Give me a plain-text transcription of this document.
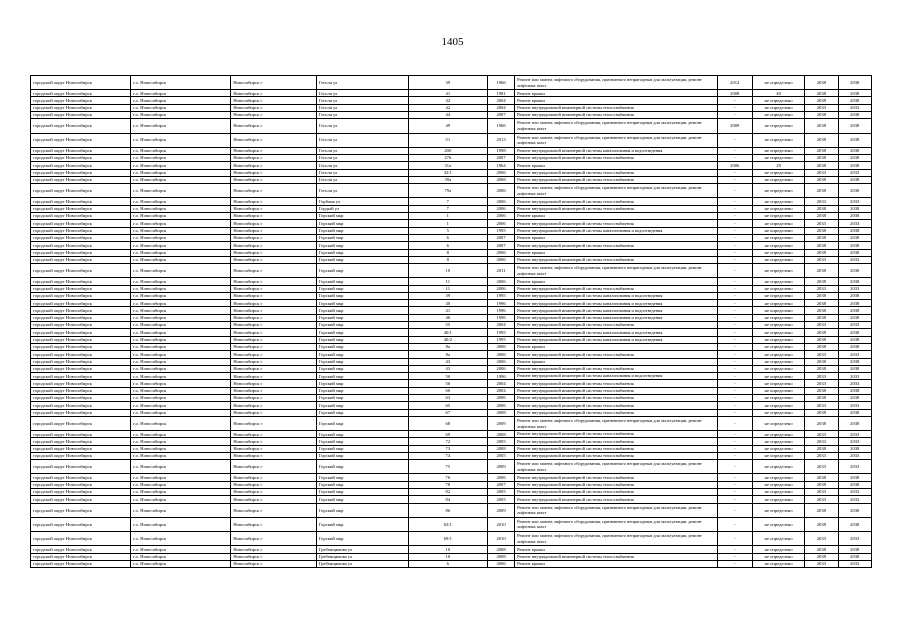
1405
городской округ Новосибирск	г.о. Новосибирск	Новосибирск г	Гоголя ул	39	1966	Ремонт или замена лифтового оборудования, признанного непригодным для эксплуатации, ремонт лифтовых шахт	2012	не определено	2038	2038
городской округ Новосибирск	г.о. Новосибирск	Новосибирск г	Гоголя ул	41	1981	Ремонт крыши	2008	40	2038	2038
городской округ Новосибирск	г.о. Новосибирск	Новосибирск г	Гоголя ул	42	2004	Ремонт крыши	-	не определено	2038	2038
городской округ Новосибирск	г.о. Новосибирск	Новосибирск г	Гоголя ул	42	2004	Ремонт внутридомовой инженерной системы теплоснабжения	-	не определено	2033	2033
городской округ Новосибирск	г.о. Новосибирск	Новосибирск г	Гоголя ул	44	2007	Ремонт внутридомовой инженерной системы теплоснабжения	-	не определено	2038	2038
городской округ Новосибирск	г.о. Новосибирск	Новосибирск г	Гоголя ул	49	1966	Ремонт или замена лифтового оборудования, признанного непригодным для эксплуатации, ремонт лифтовых шахт	2009	не определено	2038	2038
городской округ Новосибирск	г.о. Новосибирск	Новосибирск г	Гоголя ул	51	2013	Ремонт или замена лифтового оборудования, признанного непригодным для эксплуатации, ремонт лифтовых шахт	-	не определено	2038	2038
городской округ Новосибирск	г.о. Новосибирск	Новосибирск г	Гоголя ул	200	1998	Ремонт внутридомовой инженерной системы канализования и водоотведения	-	не определено	2038	2038
городской округ Новосибирск	г.о. Новосибирск	Новосибирск г	Гоголя ул	276	2007	Ремонт внутридомовой инженерной системы теплоснабжения	-	не определено	2038	2038
городской округ Новосибирск	г.о. Новосибирск	Новосибирск г	Гоголя ул	31а	1964	Ремонт крыши	2006	29	2038	2038
городской округ Новосибирск	г.о. Новосибирск	Новосибирск г	Гоголя ул	32/1	2006	Ремонт внутридомовой инженерной системы теплоснабжения	-	не определено	2033	2033
городской округ Новосибирск	г.о. Новосибирск	Новосибирск г	Гоголя ул	39а	2008	Ремонт внутридомовой инженерной системы теплоснабжения	-	не определено	2038	2038
городской округ Новосибирск	г.о. Новосибирск	Новосибирск г	Гоголя ул	79а	2006	Ремонт или замена лифтового оборудования, признанного непригодным для эксплуатации, ремонт лифтовых шахт	-	не определено	2038	2038
городской округ Новосибирск	г.о. Новосибирск	Новосибирск г	Горбаня ул	7	2006	Ремонт внутридомовой инженерной системы теплоснабжения	-	не определено	2033	2033
городской округ Новосибирск	г.о. Новосибирск	Новосибирск г	Гордый ул	7	2006	Ремонт внутридомовой инженерной системы теплоснабжения	-	не определено	2038	2038
городской округ Новосибирск	г.о. Новосибирск	Новосибирск г	Горский мкр	1	2006	Ремонт крыши	-	не определено	2038	2038
городской округ Новосибирск	г.о. Новосибирск	Новосибирск г	Горский мкр	1	2006	Ремонт внутридомовой инженерной системы теплоснабжения	-	не определено	2033	2033
городской округ Новосибирск	г.о. Новосибирск	Новосибирск г	Горский мкр	5	1995	Ремонт внутридомовой инженерной системы канализования и водоотведения	-	не определено	2038	2038
городской округ Новосибирск	г.о. Новосибирск	Новосибирск г	Горский мкр	6	2007	Ремонт крыши	-	не определено	2038	2038
городской округ Новосибирск	г.о. Новосибирск	Новосибирск г	Горский мкр	6	2007	Ремонт внутридомовой инженерной системы теплоснабжения	-	не определено	2038	2038
городской округ Новосибирск	г.о. Новосибирск	Новосибирск г	Горский мкр	8	2006	Ремонт крыши	-	не определено	2038	2038
городской округ Новосибирск	г.о. Новосибирск	Новосибирск г	Горский мкр	8	2006	Ремонт внутридомовой инженерной системы теплоснабжения	-	не определено	2033	2033
городской округ Новосибирск	г.о. Новосибирск	Новосибирск г	Горский мкр	10	2011	Ремонт или замена лифтового оборудования, признанного непригодным для эксплуатации, ремонт лифтовых шахт	-	не определено	2038	2038
городской округ Новосибирск	г.о. Новосибирск	Новосибирск г	Горский мкр	11	2006	Ремонт крыши	-	не определено	2038	2038
городской округ Новосибирск	г.о. Новосибирск	Новосибирск г	Горский мкр	11	2006	Ремонт внутридомовой инженерной системы теплоснабжения	-	не определено	2033	2033
городской округ Новосибирск	г.о. Новосибирск	Новосибирск г	Горский мкр	39	1995	Ремонт внутридомовой инженерной системы канализования и водоотведения	-	не определено	2038	2038
городской округ Новосибирск	г.о. Новосибирск	Новосибирск г	Горский мкр	40	1996	Ремонт внутридомовой инженерной системы канализования и водоотведения	-	не определено	2038	2038
городской округ Новосибирск	г.о. Новосибирск	Новосибирск г	Горский мкр	41	1996	Ремонт внутридомовой инженерной системы канализования и водоотведения	-	не определено	2038	2038
городской округ Новосибирск	г.о. Новосибирск	Новосибирск г	Горский мкр	46	1996	Ремонт внутридомовой инженерной системы канализования и водоотведения	-	не определено	2038	2038
городской округ Новосибирск	г.о. Новосибирск	Новосибирск г	Горский мкр	55	2004	Ремонт внутридомовой инженерной системы теплоснабжения	-	не определено	2033	2033
городской округ Новосибирск	г.о. Новосибирск	Новосибирск г	Горский мкр	40/1	1995	Ремонт внутридомовой инженерной системы канализования и водоотведения	-	не определено	2038	2038
городской округ Новосибирск	г.о. Новосибирск	Новосибирск г	Горский мкр	40/2	1995	Ремонт внутридомовой инженерной системы канализования и водоотведения	-	не определено	2038	2038
городской округ Новосибирск	г.о. Новосибирск	Новосибирск г	Горский мкр	8а	2006	Ремонт крыши	-	не определено	2038	2038
городской округ Новосибирск	г.о. Новосибирск	Новосибирск г	Горский мкр	8а	2006	Ремонт внутридомовой инженерной системы теплоснабжения	-	не определено	2033	2033
городской округ Новосибирск	г.о. Новосибирск	Новосибирск г	Горский мкр	43	2006	Ремонт крыши	-	не определено	2038	2038
городской округ Новосибирск	г.о. Новосибирск	Новосибирск г	Горский мкр	43	2006	Ремонт внутридомовой инженерной системы теплоснабжения	-	не определено	2038	2038
городской округ Новосибирск	г.о. Новосибирск	Новосибирск г	Горский мкр	50	1996	Ремонт внутридомовой инженерной системы канализования и водоотведения	-	не определено	2033	2033
городской округ Новосибирск	г.о. Новосибирск	Новосибирск г	Горский мкр	56	2004	Ремонт внутридомовой инженерной системы теплоснабжения	-	не определено	2033	2033
городской округ Новосибирск	г.о. Новосибирск	Новосибирск г	Горский мкр	60	2004	Ремонт внутридомовой инженерной системы теплоснабжения	-	не определено	2038	2038
городской округ Новосибирск	г.о. Новосибирск	Новосибирск г	Горский мкр	63	2006	Ремонт внутридомовой инженерной системы теплоснабжения	-	не определено	2038	2038
городской округ Новосибирск	г.о. Новосибирск	Новосибирск г	Горский мкр	65	2006	Ремонт внутридомовой инженерной системы теплоснабжения	-	не определено	2033	2033
городской округ Новосибирск	г.о. Новосибирск	Новосибирск г	Горский мкр	67	2008	Ремонт внутридомовой инженерной системы теплоснабжения	-	не определено	2038	2038
городской округ Новосибирск	г.о. Новосибирск	Новосибирск г	Горский мкр	68	2009	Ремонт или замена лифтового оборудования, признанного непригодным для эксплуатации, ремонт лифтовых шахт	-	не определено	2038	2038
городской округ Новосибирск	г.о. Новосибирск	Новосибирск г	Горский мкр	69	2008	Ремонт внутридомовой инженерной системы теплоснабжения	-	не определено	2033	2033
городской округ Новосибирск	г.о. Новосибирск	Новосибирск г	Горский мкр	72	2005	Ремонт внутридомовой инженерной системы теплоснабжения	-	не определено	2033	2033
городской округ Новосибирск	г.о. Новосибирск	Новосибирск г	Горский мкр	73	2008	Ремонт внутридомовой инженерной системы теплоснабжения	-	не определено	2038	2038
городской округ Новосибирск	г.о. Новосибирск	Новосибирск г	Горский мкр	74	2005	Ремонт внутридомовой инженерной системы теплоснабжения	-	не определено	2033	2033
городской округ Новосибирск	г.о. Новосибирск	Новосибирск г	Горский мкр	75	2009	Ремонт или замена лифтового оборудования, признанного непригодным для эксплуатации, ремонт лифтовых шахт	-	не определено	2033	2033
городской округ Новосибирск	г.о. Новосибирск	Новосибирск г	Горский мкр	76	2006	Ремонт внутридомовой инженерной системы теплоснабжения	-	не определено	2038	2038
городской округ Новосибирск	г.о. Новосибирск	Новосибирск г	Горский мкр	78	2007	Ремонт внутридомовой инженерной системы теплоснабжения	-	не определено	2038	2038
городской округ Новосибирск	г.о. Новосибирск	Новосибирск г	Горский мкр	82	2005	Ремонт внутридомовой инженерной системы теплоснабжения	-	не определено	2033	2033
городской округ Новосибирск	г.о. Новосибирск	Новосибирск г	Горский мкр	84	2005	Ремонт внутридомовой инженерной системы теплоснабжения	-	не определено	2033	2033
городской округ Новосибирск	г.о. Новосибирск	Новосибирск г	Горский мкр	86	2009	Ремонт или замена лифтового оборудования, признанного непригодным для эксплуатации, ремонт лифтовых шахт	-	не определено	2038	2038
городской округ Новосибирск	г.о. Новосибирск	Новосибирск г	Горский мкр	63/1	2010	Ремонт или замена лифтового оборудования, признанного непригодным для эксплуатации, ремонт лифтовых шахт	-	не определено	2038	2038
городской округ Новосибирск	г.о. Новосибирск	Новосибирск г	Горский мкр	69/1	2010	Ремонт или замена лифтового оборудования, признанного непригодным для эксплуатации, ремонт лифтовых шахт	-	не определено	2033	2033
городской округ Новосибирск	г.о. Новосибирск	Новосибирск г	Гребенщикова ул	10	2008	Ремонт крыши	-	не определено	2038	2038
городской округ Новосибирск	г.о. Новосибирск	Новосибирск г	Гребенщикова ул	10	2008	Ремонт внутридомовой инженерной системы теплоснабжения	-	не определено	2038	2038
городской округ Новосибирск	г.о. Новосибирск	Новосибирск г	Гребенщикова ул	6	2006	Ремонт крыши	-	не определено	2033	2033
